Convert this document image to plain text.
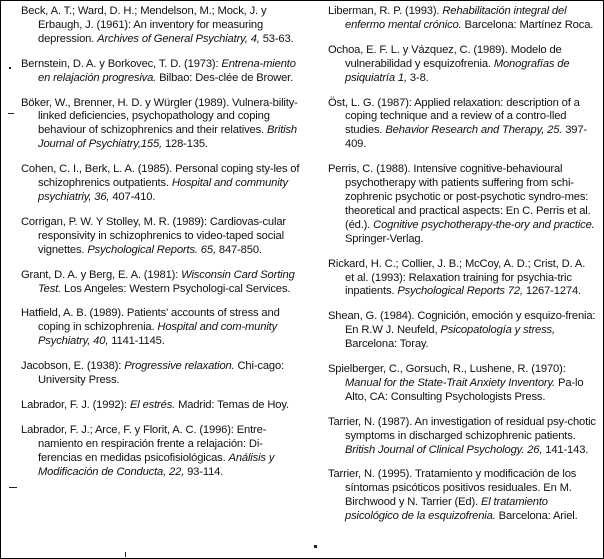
Beck, A. T.; Ward, D. H.; Mendelson, M.; Mock, J. y Erbaugh, J. (1961): An inventory for measuring depression. Archives of General Psychiatry, 4, 53-63.

Bernstein, D. A. y Borkovec, T. D. (1973): Entrena-miento en relajación progresiva. Bilbao: Des-clée de Brower.

Böker, W., Brenner, H. D. y Würgler (1989). Vulnera-bility-linked deficiencies, psychopathology and coping behaviour of schizophrenics and their relatives. British Journal of Psychiatry,155, 128-135.

Cohen, C. I., Berk, L. A. (1985). Personal coping sty-les of schizophrenics outpatients. Hospital and community psychiatriy, 36, 407-410.

Corrigan, P. W. Y Stolley, M. R. (1989): Cardiovas-cular responsivity in schizophrenics to video-taped social vignettes. Psychological Reports. 65, 847-850.

Grant, D. A. y Berg, E. A. (1981): Wisconsin Card Sorting Test. Los Angeles: Western Psychologi-cal Services.

Hatfield, A. B. (1989). Patients' accounts of stress and coping in schizophrenia. Hospital and com-munity Psychiatry, 40, 1141-1145.

Jacobson, E. (1938): Progressive relaxation. Chi-cago: University Press.

Labrador, F. J. (1992): El estrés. Madrid: Temas de Hoy.

Labrador, F. J.; Arce, F. y Florit, A. C. (1996): Entre-namiento en respiración frente a relajación: Di-ferencias en medidas psicofisiológicas. Análisis y Modificación de Conducta, 22, 93-114.

Liberman, R. P. (1993). Rehabilitación integral del enfermo mental crónico. Barcelona: Martínez Roca.

Ochoa, E. F. L. y Vázquez, C. (1989). Modelo de vulnerabilidad y esquizofrenia. Monografías de psiquiatría 1, 3-8.

Öst, L. G. (1987): Applied relaxation: description of a coping technique and a review of a contro-lled studies. Behavior Research and Therapy, 25. 397-409.

Perris, C. (1988). Intensive cognitive-behavioural psychotherapy with patients suffering from schi-zophrenic psychotic or post-psychotic syndro-mes: theoretical and practical aspects: En C. Perris et al. (éd.). Cognitive psychotherapy-the-ory and practice. Springer-Verlag.

Rickard, H. C.; Collier, J. B.; McCoy, A. D.; Crist, D. A. et al. (1993): Relaxation training for psychia-tric inpatients. Psychological Reports 72, 1267-1274.

Shean, G. (1984). Cognición, emoción y esquizo-frenia: En R.W J. Neufeld, Psicopatología y stress, Barcelona: Toray.

Spielberger, C., Gorsuch, R., Lushene, R. (1970): Manual for the State-Trait Anxiety Inventory. Pa-lo Alto, CA: Consulting Psychologists Press.

Tarrier, N. (1987). An investigation of residual psy-chotic symptoms in discharged schizophrenic patients. British Journal of Clinical Psychology. 26, 141-143.

Tarrier, N. (1995). Tratamiento y modificación de los síntomas psicóticos positivos residuales. En M. Birchwood y N. Tarrier (Ed). El tratamiento psicológico de la esquizofrenia. Barcelona: Ariel.
